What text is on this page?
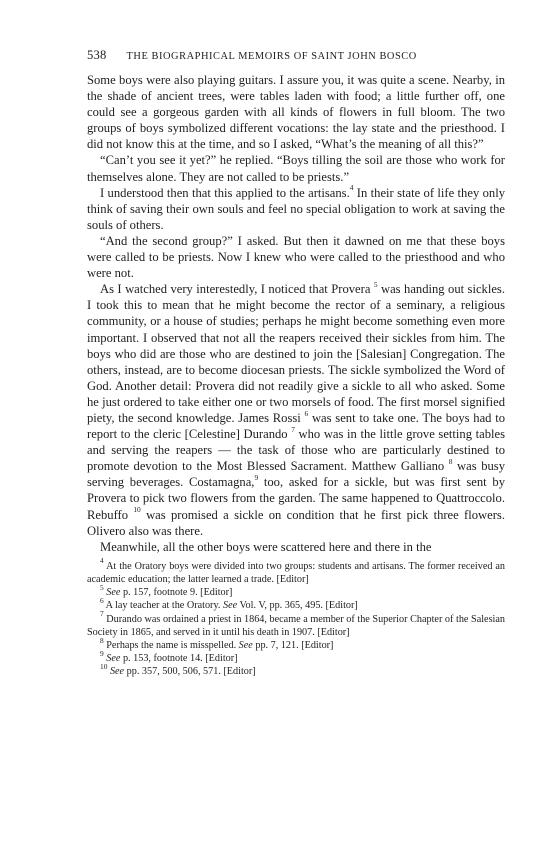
538 THE BIOGRAPHICAL MEMOIRS OF SAINT JOHN BOSCO

Some boys were also playing guitars. I assure you, it was quite a scene. Nearby, in the shade of ancient trees, were tables laden with food; a little further off, one could see a gorgeous garden with all kinds of flowers in full bloom. The two groups of boys symbolized different vocations: the lay state and the priesthood. I did not know this at the time, and so I asked, “What’s the meaning of all this?”

“Can’t you see it yet?” he replied. “Boys tilling the soil are those who work for themselves alone. They are not called to be priests.”

I understood then that this applied to the artisans.$^4$ In their state of life they only think of saving their own souls and feel no special obligation to work at saving the souls of others.

“And the second group?” I asked. But then it dawned on me that these boys were called to be priests. Now I knew who were called to the priesthood and who were not.

As I watched very interestedly, I noticed that Provera $^5$ was handing out sickles. I took this to mean that he might become the rector of a seminary, a religious community, or a house of studies; perhaps he might become something even more important. I observed that not all the reapers received their sickles from him. The boys who did are those who are destined to join the [Salesian] Congregation. The others, instead, are to become diocesan priests. The sickle symbolized the Word of God. Another detail: Provera did not readily give a sickle to all who asked. Some he just ordered to take either one or two morsels of food. The first morsel signified piety, the second knowledge. James Rossi $^6$ was sent to take one. The boys had to report to the cleric [Celestine] Durando $^7$ who was in the little grove setting tables and serving the reapers — the task of those who are particularly destined to promote devotion to the Most Blessed Sacrament. Matthew Galliano $^8$ was busy serving beverages. Costamagna,$^9$ too, asked for a sickle, but was first sent by Provera to pick two flowers from the garden. The same happened to Quattroccolo. Rebuffo $^{10}$ was promised a sickle on condition that he first pick three flowers. Olivero also was there.

Meanwhile, all the other boys were scattered here and there in the

$^4$ At the Oratory boys were divided into two groups: students and artisans. The former received an academic education; the latter learned a trade. [Editor]

$^5$ See p. 157, footnote 9. [Editor]

$^6$ A lay teacher at the Oratory. See Vol. V, pp. 365, 495. [Editor]

$^7$ Durando was ordained a priest in 1864, became a member of the Superior Chapter of the Salesian Society in 1865, and served in it until his death in 1907. [Editor]

$^8$ Perhaps the name is misspelled. See pp. 7, 121. [Editor]

$^9$ See p. 153, footnote 14. [Editor]

$^{10}$ See pp. 357, 500, 506, 571. [Editor]
